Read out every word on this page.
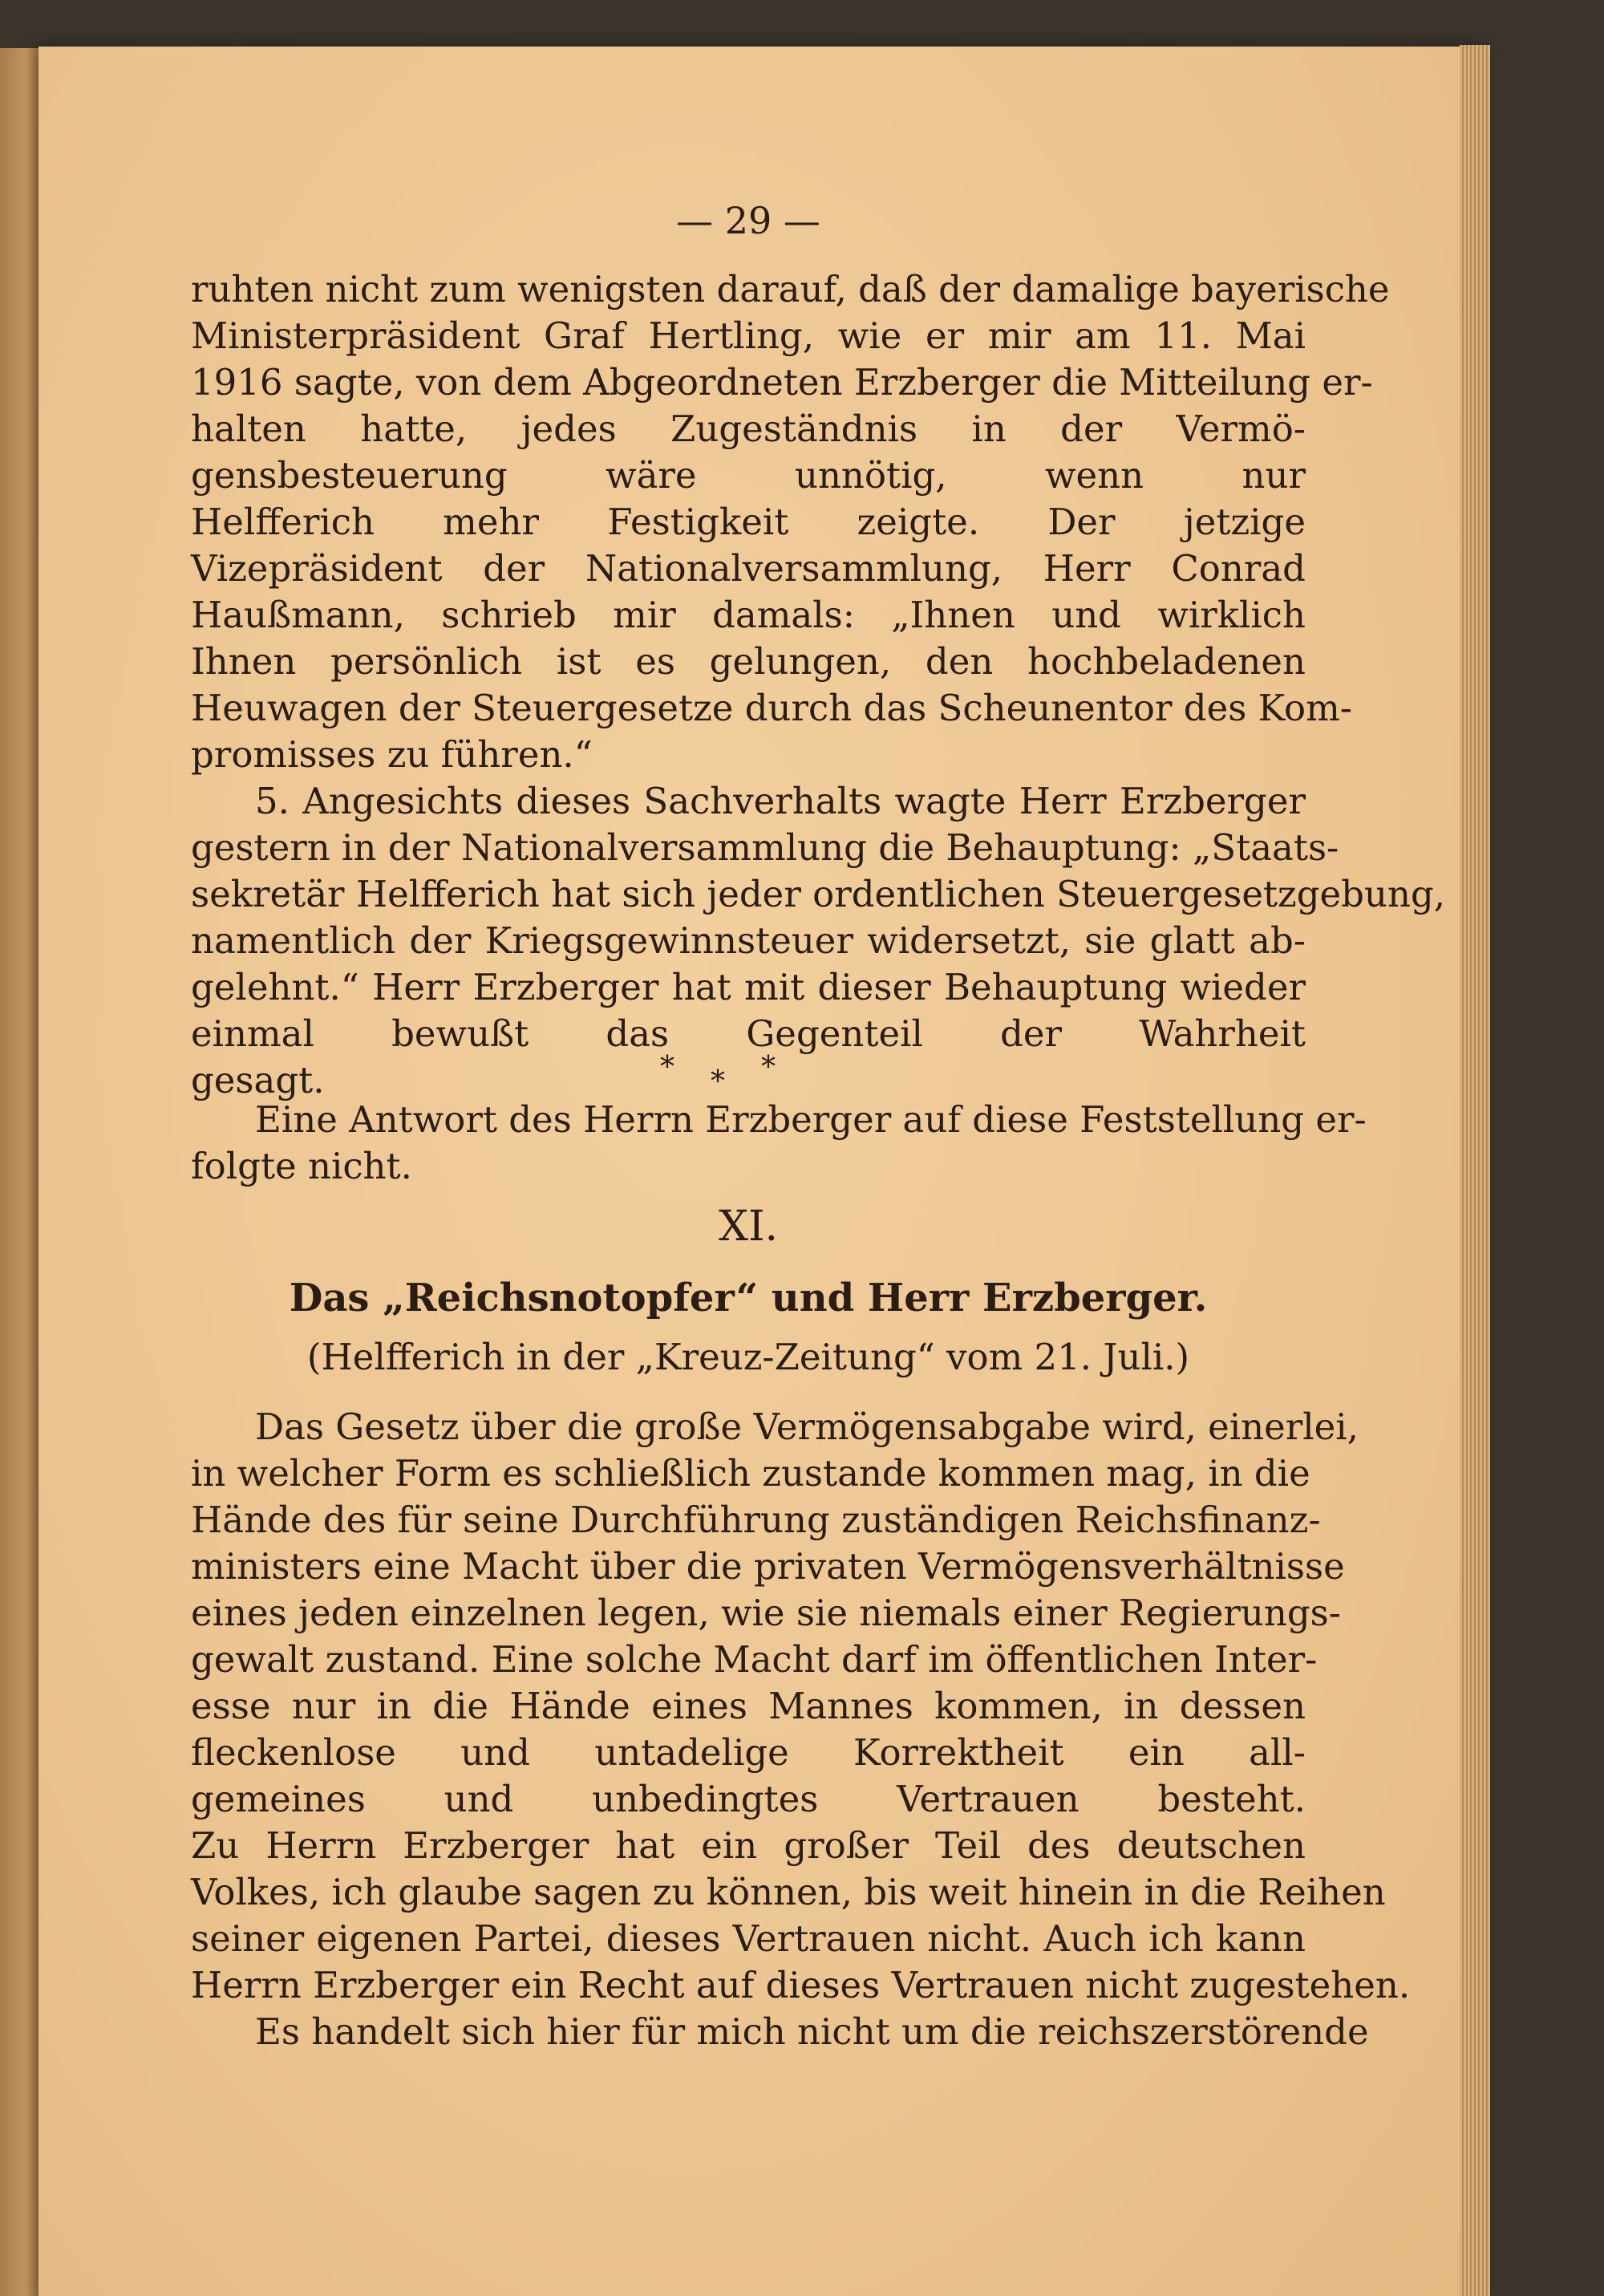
— 29 —
ruhten nicht zum wenigsten darauf, daß der damalige bayerische
Ministerpräsident Graf Hertling, wie er mir am 11. Mai
1916 sagte, von dem Abgeordneten Erzberger die Mitteilung er-
halten hatte, jedes Zugeständnis in der Vermö-
gensbesteuerung wäre unnötig, wenn nur
Helfferich mehr Festigkeit zeigte. Der jetzige
Vizepräsident der Nationalversammlung, Herr Conrad
Haußmann, schrieb mir damals: „Ihnen und wirklich
Ihnen persönlich ist es gelungen, den hochbeladenen
Heuwagen der Steuergesetze durch das Scheunentor des Kom-
promisses zu führen.“
5. Angesichts dieses Sachverhalts wagte Herr Erzberger
gestern in der Nationalversammlung die Behauptung: „Staats-
sekretär Helfferich hat sich jeder ordentlichen Steuergesetzgebung,
namentlich der Kriegsgewinnsteuer widersetzt, sie glatt ab-
gelehnt.“ Herr Erzberger hat mit dieser Behauptung wieder
einmal bewußt das Gegenteil der Wahrheit
gesagt.	* * *
Eine Antwort des Herrn Erzberger auf diese Feststellung er-
folgte nicht.
XI.
Das „Reichsnotopfer“ und Herr Erzberger.
(Helfferich in der „Kreuz-Zeitung“ vom 21. Juli.)
Das Gesetz über die große Vermögensabgabe wird, einerlei,
in welcher Form es schließlich zustande kommen mag, in die
Hände des für seine Durchführung zuständigen Reichsfinanz-
ministers eine Macht über die privaten Vermögensverhältnisse
eines jeden einzelnen legen, wie sie niemals einer Regierungs-
gewalt zustand. Eine solche Macht darf im öffentlichen Inter-
esse nur in die Hände eines Mannes kommen, in dessen
fleckenlose und untadelige Korrektheit ein all-
gemeines und unbedingtes Vertrauen besteht.
Zu Herrn Erzberger hat ein großer Teil des deutschen
Volkes, ich glaube sagen zu können, bis weit hinein in die Reihen
seiner eigenen Partei, dieses Vertrauen nicht. Auch ich kann
Herrn Erzberger ein Recht auf dieses Vertrauen nicht zugestehen.
Es handelt sich hier für mich nicht um die reichszerstörende
